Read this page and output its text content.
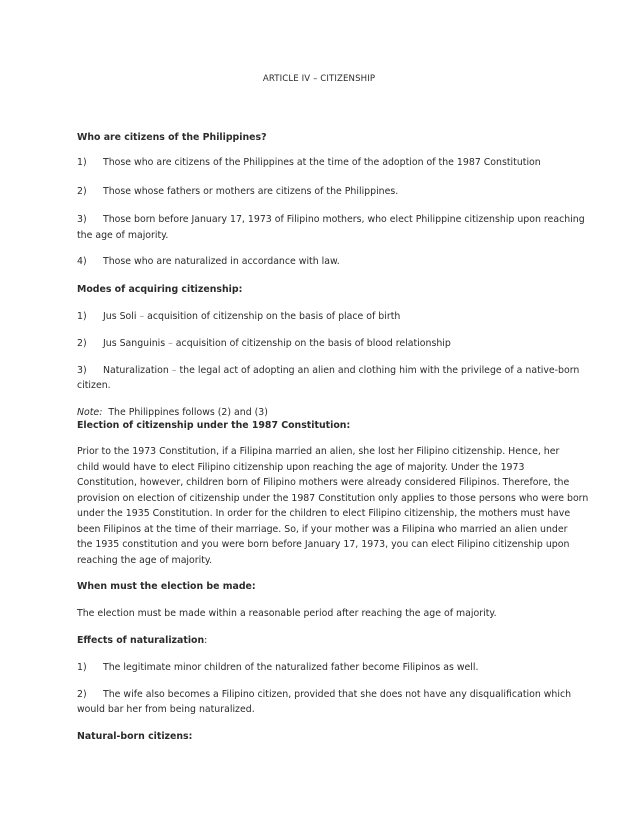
ARTICLE IV – CITIZENSHIP
Who are citizens of the Philippines?
1) Those who are citizens of the Philippines at the time of the adoption of the 1987 Constitution
2) Those whose fathers or mothers are citizens of the Philippines.
3) Those born before January 17, 1973 of Filipino mothers, who elect Philippine citizenship upon reaching
the age of majority.
4) Those who are naturalized in accordance with law.
Modes of acquiring citizenship:
1) Jus Soli – acquisition of citizenship on the basis of place of birth
2) Jus Sanguinis – acquisition of citizenship on the basis of blood relationship
3) Naturalization – the legal act of adopting an alien and clothing him with the privilege of a native-born
citizen.
Note: The Philippines follows (2) and (3)
Election of citizenship under the 1987 Constitution:
Prior to the 1973 Constitution, if a Filipina married an alien, she lost her Filipino citizenship. Hence, her
child would have to elect Filipino citizenship upon reaching the age of majority. Under the 1973
Constitution, however, children born of Filipino mothers were already considered Filipinos. Therefore, the
provision on election of citizenship under the 1987 Constitution only applies to those persons who were born
under the 1935 Constitution. In order for the children to elect Filipino citizenship, the mothers must have
been Filipinos at the time of their marriage. So, if your mother was a Filipina who married an alien under
the 1935 constitution and you were born before January 17, 1973, you can elect Filipino citizenship upon
reaching the age of majority.
When must the election be made:
The election must be made within a reasonable period after reaching the age of majority.
Effects of naturalization:
1) The legitimate minor children of the naturalized father become Filipinos as well.
2) The wife also becomes a Filipino citizen, provided that she does not have any disqualification which
would bar her from being naturalized.
Natural-born citizens:
